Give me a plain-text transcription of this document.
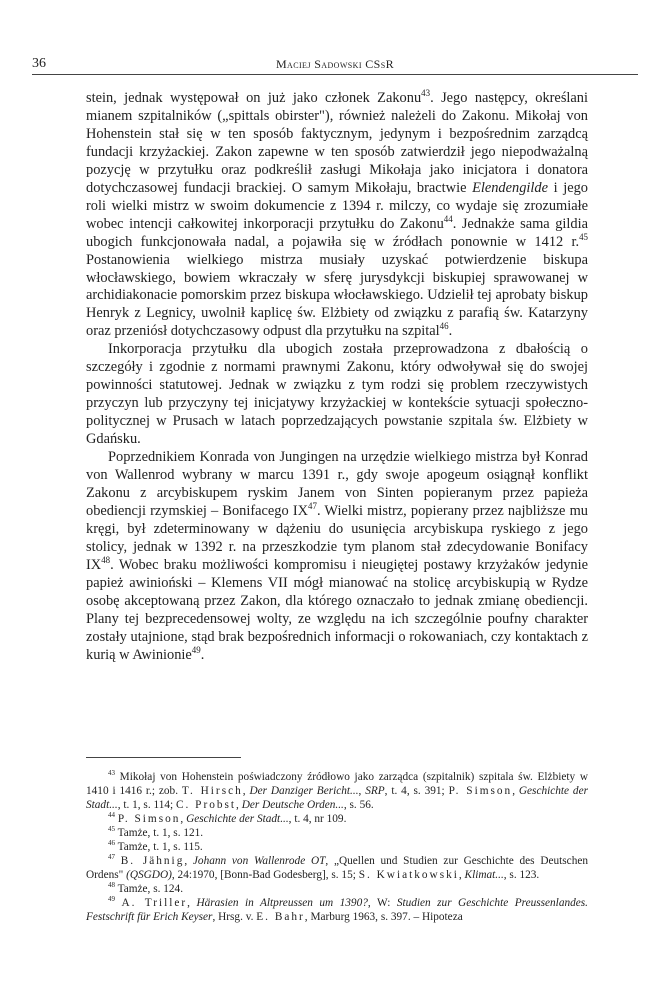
36	Maciej Sadowski CSsR

stein, jednak występował on już jako członek Zakonu$^{43}$. Jego następcy, określani mianem szpitalników („spittals obirster"), również należeli do Zakonu. Mikołaj von Hohenstein stał się w ten sposób faktycznym, jedynym i bezpośrednim zarządcą fundacji krzyżackiej. Zakon zapewne w ten sposób zatwierdził jego niepodważalną pozycję w przytułku oraz podkreślił zasługi Mikołaja jako inicjatora i donatora dotychczasowej fundacji brackiej. O samym Mikołaju, bractwie Elendengilde i jego roli wielki mistrz w swoim dokumencie z 1394 r. milczy, co wydaje się zrozumiałe wobec intencji całkowitej inkorporacji przytułku do Zakonu$^{44}$. Jednakże sama gildia ubogich funkcjonowała nadal, a pojawiła się w źródłach ponownie w 1412 r.$^{45}$ Postanowienia wielkiego mistrza musiały uzyskać potwierdzenie biskupa włocławskiego, bowiem wkraczały w sferę jurysdykcji biskupiej sprawowanej w archidiakonacie pomorskim przez biskupa włocławskiego. Udzielił tej aprobaty biskup Henryk z Legnicy, uwolnił kaplicę św. Elżbiety od związku z parafią św. Katarzyny oraz przeniósł dotychczasowy odpust dla przytułku na szpital$^{46}$.

Inkorporacja przytułku dla ubogich została przeprowadzona z dbałością o szczegóły i zgodnie z normami prawnymi Zakonu, który odwoływał się do swojej powinności statutowej. Jednak w związku z tym rodzi się problem rzeczywistych przyczyn lub przyczyny tej inicjatywy krzyżackiej w kontekście sytuacji społeczno-politycznej w Prusach w latach poprzedzających powstanie szpitala św. Elżbiety w Gdańsku.

Poprzednikiem Konrada von Jungingen na urzędzie wielkiego mistrza był Konrad von Wallenrod wybrany w marcu 1391 r., gdy swoje apogeum osiągnął konflikt Zakonu z arcybiskupem ryskim Janem von Sinten popieranym przez papieża obediencji rzymskiej – Bonifacego IX$^{47}$. Wielki mistrz, popierany przez najbliższe mu kręgi, był zdeterminowany w dążeniu do usunięcia arcybiskupa ryskiego z jego stolicy, jednak w 1392 r. na przeszkodzie tym planom stał zdecydowanie Bonifacy IX$^{48}$. Wobec braku możliwości kompromisu i nieugiętej postawy krzyżaków jedynie papież awinioński – Klemens VII mógł mianować na stolicę arcybiskupią w Rydze osobę akceptowaną przez Zakon, dla którego oznaczało to jednak zmianę obediencji. Plany tej bezprecedensowej wolty, ze względu na ich szczególnie poufny charakter zostały utajnione, stąd brak bezpośrednich informacji o rokowaniach, czy kontaktach z kurią w Awinionie$^{49}$.

$^{43}$ Mikołaj von Hohenstein poświadczony źródłowo jako zarządca (szpitalnik) szpitala św. Elżbiety w 1410 i 1416 r.; zob. T. Hirsch, Der Danziger Bericht..., SRP, t. 4, s. 391; P. Simson, Geschichte der Stadt..., t. 1, s. 114; C. Probst, Der Deutsche Orden..., s. 56.

$^{44}$ P. Simson, Geschichte der Stadt..., t. 4, nr 109.

$^{45}$ Tamże, t. 1, s. 121.

$^{46}$ Tamże, t. 1, s. 115.

$^{47}$ B. Jähnig, Johann von Wallenrode OT, „Quellen und Studien zur Geschichte des Deutschen Ordens" (QSGDO), 24:1970, [Bonn-Bad Godesberg], s. 15; S. Kwiatkowski, Klimat..., s. 123.

$^{48}$ Tamże, s. 124.

$^{49}$ A. Triller, Härasien in Altpreussen um 1390?, W: Studien zur Geschichte Preussenlandes. Festschrift für Erich Keyser, Hrsg. v. E. Bahr, Marburg 1963, s. 397. – Hipoteza
